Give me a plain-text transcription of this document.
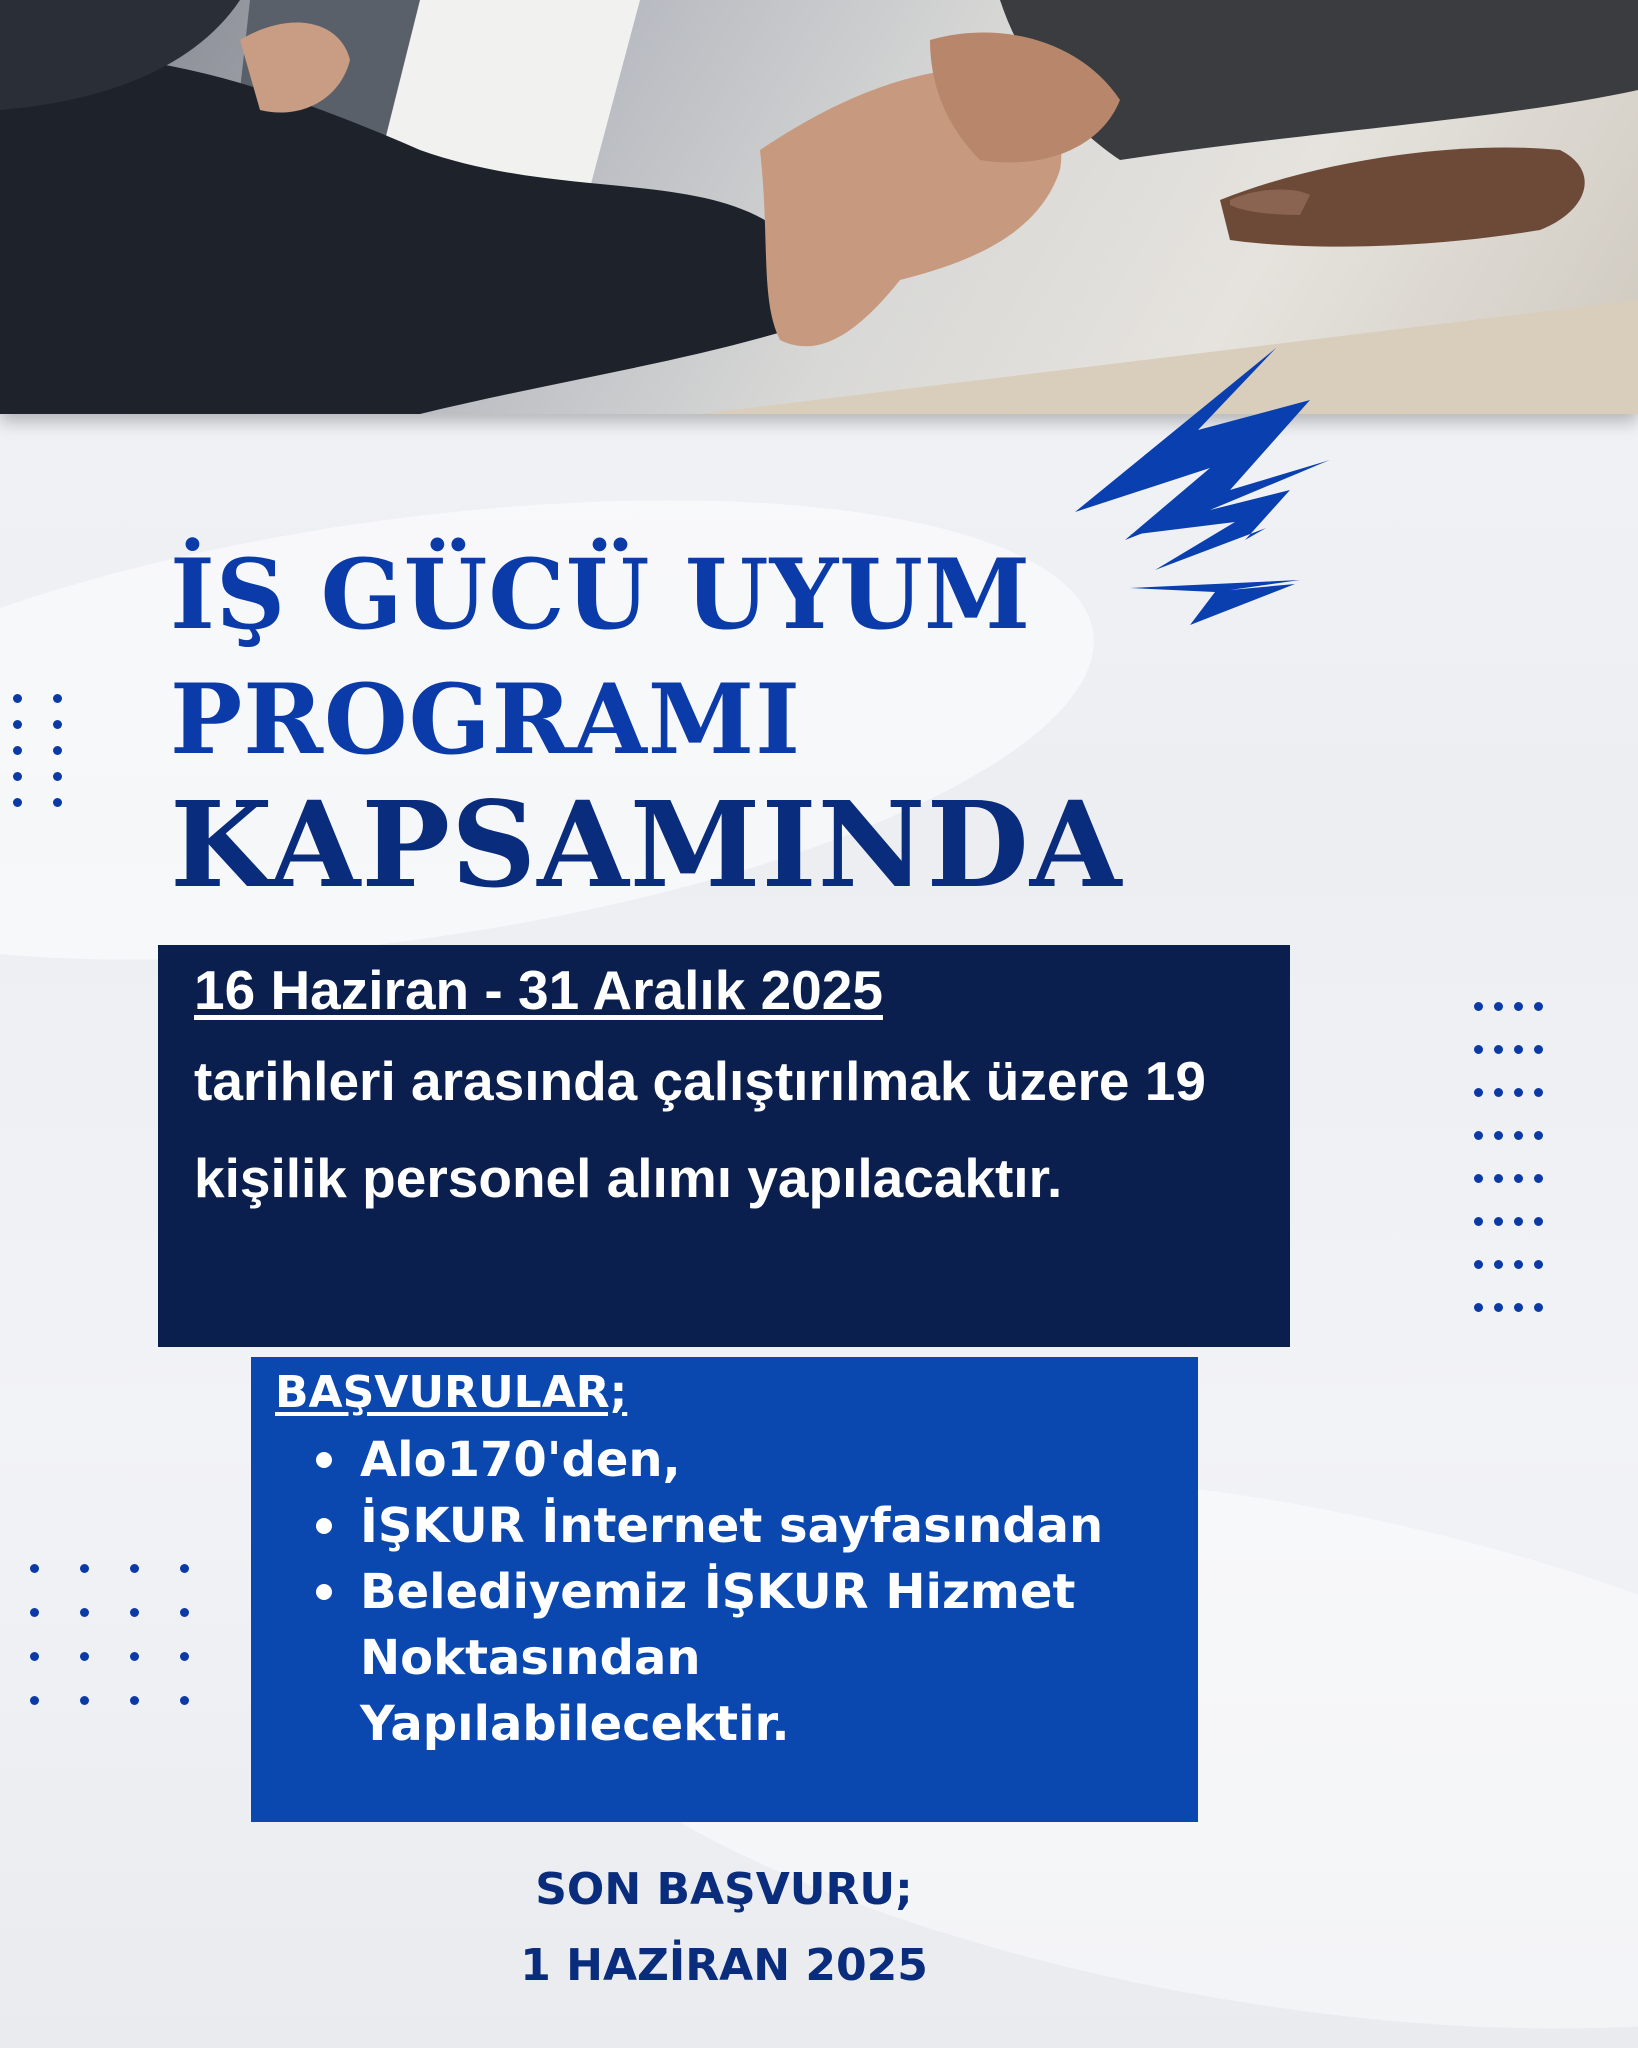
İŞ GÜCÜ UYUM
PROGRAMI
KAPSAMINDA
16 Haziran - 31 Aralık 2025
tarihleri arasında çalıştırılmak üzere 19 kişilik personel alımı yapılacaktır.
BAŞVURULAR;
Alo170'den,
İŞKUR İnternet sayfasından
Belediyemiz İŞKUR Hizmet Noktasından Yapılabilecektir.
SON BAŞVURU;
1 HAZİRAN 2025
